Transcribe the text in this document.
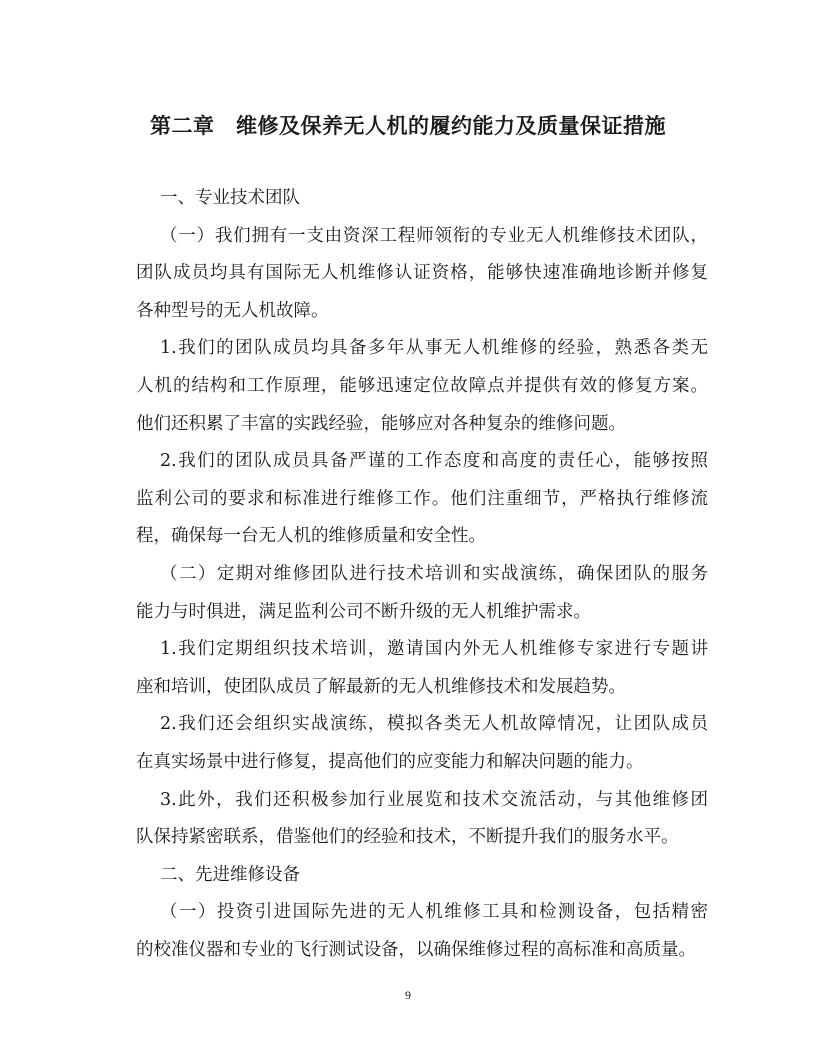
第二章　维修及保养无人机的履约能力及质量保证措施
一、专业技术团队
（一）我们拥有一支由资深工程师领衔的专业无人机维修技术团队，
团队成员均具有国际无人机维修认证资格，能够快速准确地诊断并修复
各种型号的无人机故障。
1.我们的团队成员均具备多年从事无人机维修的经验，熟悉各类无
人机的结构和工作原理，能够迅速定位故障点并提供有效的修复方案。
他们还积累了丰富的实践经验，能够应对各种复杂的维修问题。
2.我们的团队成员具备严谨的工作态度和高度的责任心，能够按照
监利公司的要求和标准进行维修工作。他们注重细节，严格执行维修流
程，确保每一台无人机的维修质量和安全性。
（二）定期对维修团队进行技术培训和实战演练，确保团队的服务
能力与时俱进，满足监利公司不断升级的无人机维护需求。
1.我们定期组织技术培训，邀请国内外无人机维修专家进行专题讲
座和培训，使团队成员了解最新的无人机维修技术和发展趋势。
2.我们还会组织实战演练，模拟各类无人机故障情况，让团队成员
在真实场景中进行修复，提高他们的应变能力和解决问题的能力。
3.此外，我们还积极参加行业展览和技术交流活动，与其他维修团
队保持紧密联系，借鉴他们的经验和技术，不断提升我们的服务水平。
二、先进维修设备
（一）投资引进国际先进的无人机维修工具和检测设备，包括精密
的校准仪器和专业的飞行测试设备，以确保维修过程的高标准和高质量。
9
